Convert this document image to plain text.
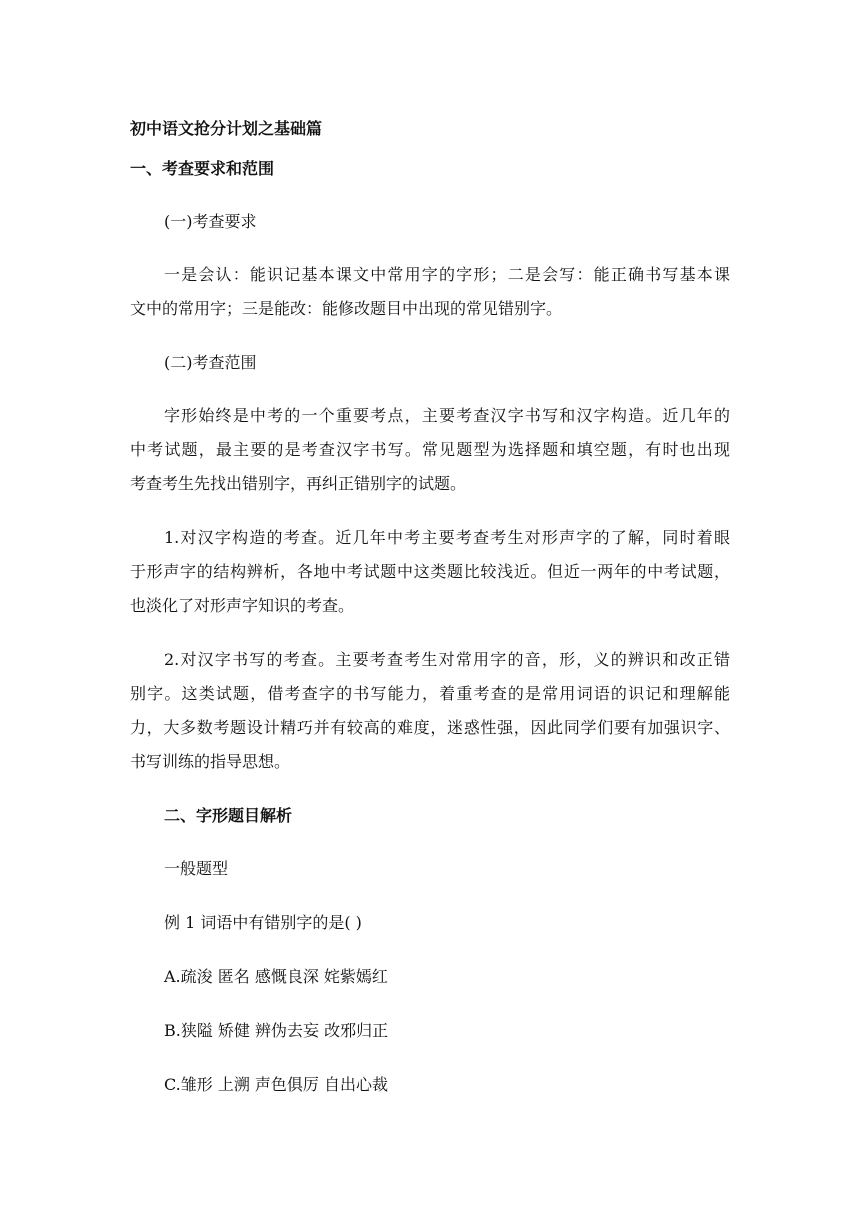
初中语文抢分计划之基础篇
一、考查要求和范围
(一)考查要求
一是会认：能识记基本课文中常用字的字形；二是会写：能正确书写基本课
文中的常用字；三是能改：能修改题目中出现的常见错别字。
(二)考查范围
字形始终是中考的一个重要考点，主要考查汉字书写和汉字构造。近几年的
中考试题，最主要的是考查汉字书写。常见题型为选择题和填空题，有时也出现
考查考生先找出错别字，再纠正错别字的试题。
1.对汉字构造的考查。近几年中考主要考查考生对形声字的了解，同时着眼
于形声字的结构辨析，各地中考试题中这类题比较浅近。但近一两年的中考试题，
也淡化了对形声字知识的考查。
2.对汉字书写的考查。主要考查考生对常用字的音，形，义的辨识和改正错
别字。这类试题，借考查字的书写能力，着重考查的是常用词语的识记和理解能
力，大多数考题设计精巧并有较高的难度，迷惑性强，因此同学们要有加强识字、
书写训练的指导思想。
二、字形题目解析
一般题型
例 1 词语中有错别字的是( )
A.疏浚 匿名 感慨良深 姹紫嫣红
B.狭隘 矫健 辨伪去妄 改邪归正
C.雏形 上溯 声色俱厉 自出心裁
